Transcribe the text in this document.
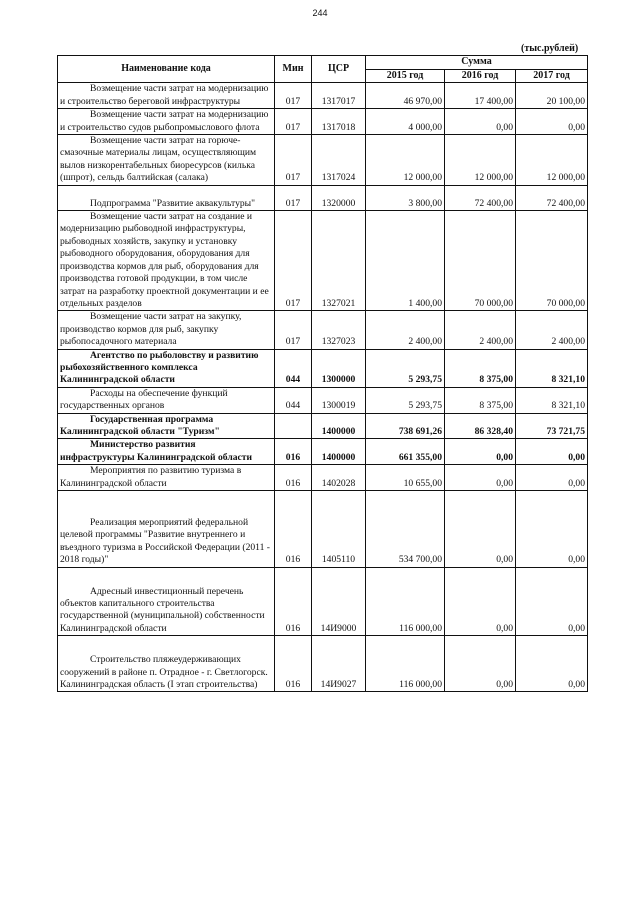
244
(тыс.рублей)
Наименование кода	Мин	ЦСР	Сумма		
			2015 год	2016 год	2017 год

Возмещение части затрат на модернизацию и строительство береговой инфраструктуры	017	1317017	46 970,00	17 400,00	20 100,00

Возмещение части затрат на модернизацию и строительство судов рыбопромыслового флота	017	1317018	4 000,00	0,00	0,00

Возмещение части затрат на горюче-смазочные материалы лицам, осуществляющим вылов низкорентабельных биоресурсов (килька (шпрот), сельдь балтийская (салака)	017	1317024	12 000,00	12 000,00	12 000,00

Подпрограмма "Развитие аквакультуры"	017	1320000	3 800,00	72 400,00	72 400,00

Возмещение части затрат на создание и модернизацию рыбоводной инфраструктуры, рыбоводных хозяйств, закупку и установку рыбоводного оборудования, оборудования для производства кормов для рыб, оборудования для производства готовой продукции, в том числе затрат на разработку проектной документации и ее отдельных разделов	017	1327021	1 400,00	70 000,00	70 000,00

Возмещение части затрат на закупку, производство кормов для рыб, закупку рыбопосадочного материала	017	1327023	2 400,00	2 400,00	2 400,00

Агентство по рыболовству и развитию рыбохозяйственного комплекса Калининградской области	044	1300000	5 293,75	8 375,00	8 321,10

Расходы на обеспечение функций государственных органов	044	1300019	5 293,75	8 375,00	8 321,10

Государственная программа Калининградской области "Туризм"		1400000	738 691,26	86 328,40	73 721,75

Министерство развития инфраструктуры Калининградской области	016	1400000	661 355,00	0,00	0,00

Мероприятия по развитию туризма в Калининградской области	016	1402028	10 655,00	0,00	0,00

Реализация мероприятий федеральной целевой программы "Развитие внутреннего и въездного туризма в Российской Федерации (2011 - 2018 годы)"	016	1405110	534 700,00	0,00	0,00

Адресный инвестиционный перечень объектов капитального строительства государственной (муниципальной) собственности Калининградской области	016	14И9000	116 000,00	0,00	0,00

Строительство пляжеудерживающих сооружений в районе п. Отрадное - г. Светлогорск. Калининградская область (I этап строительства)	016	14И9027	116 000,00	0,00	0,00
